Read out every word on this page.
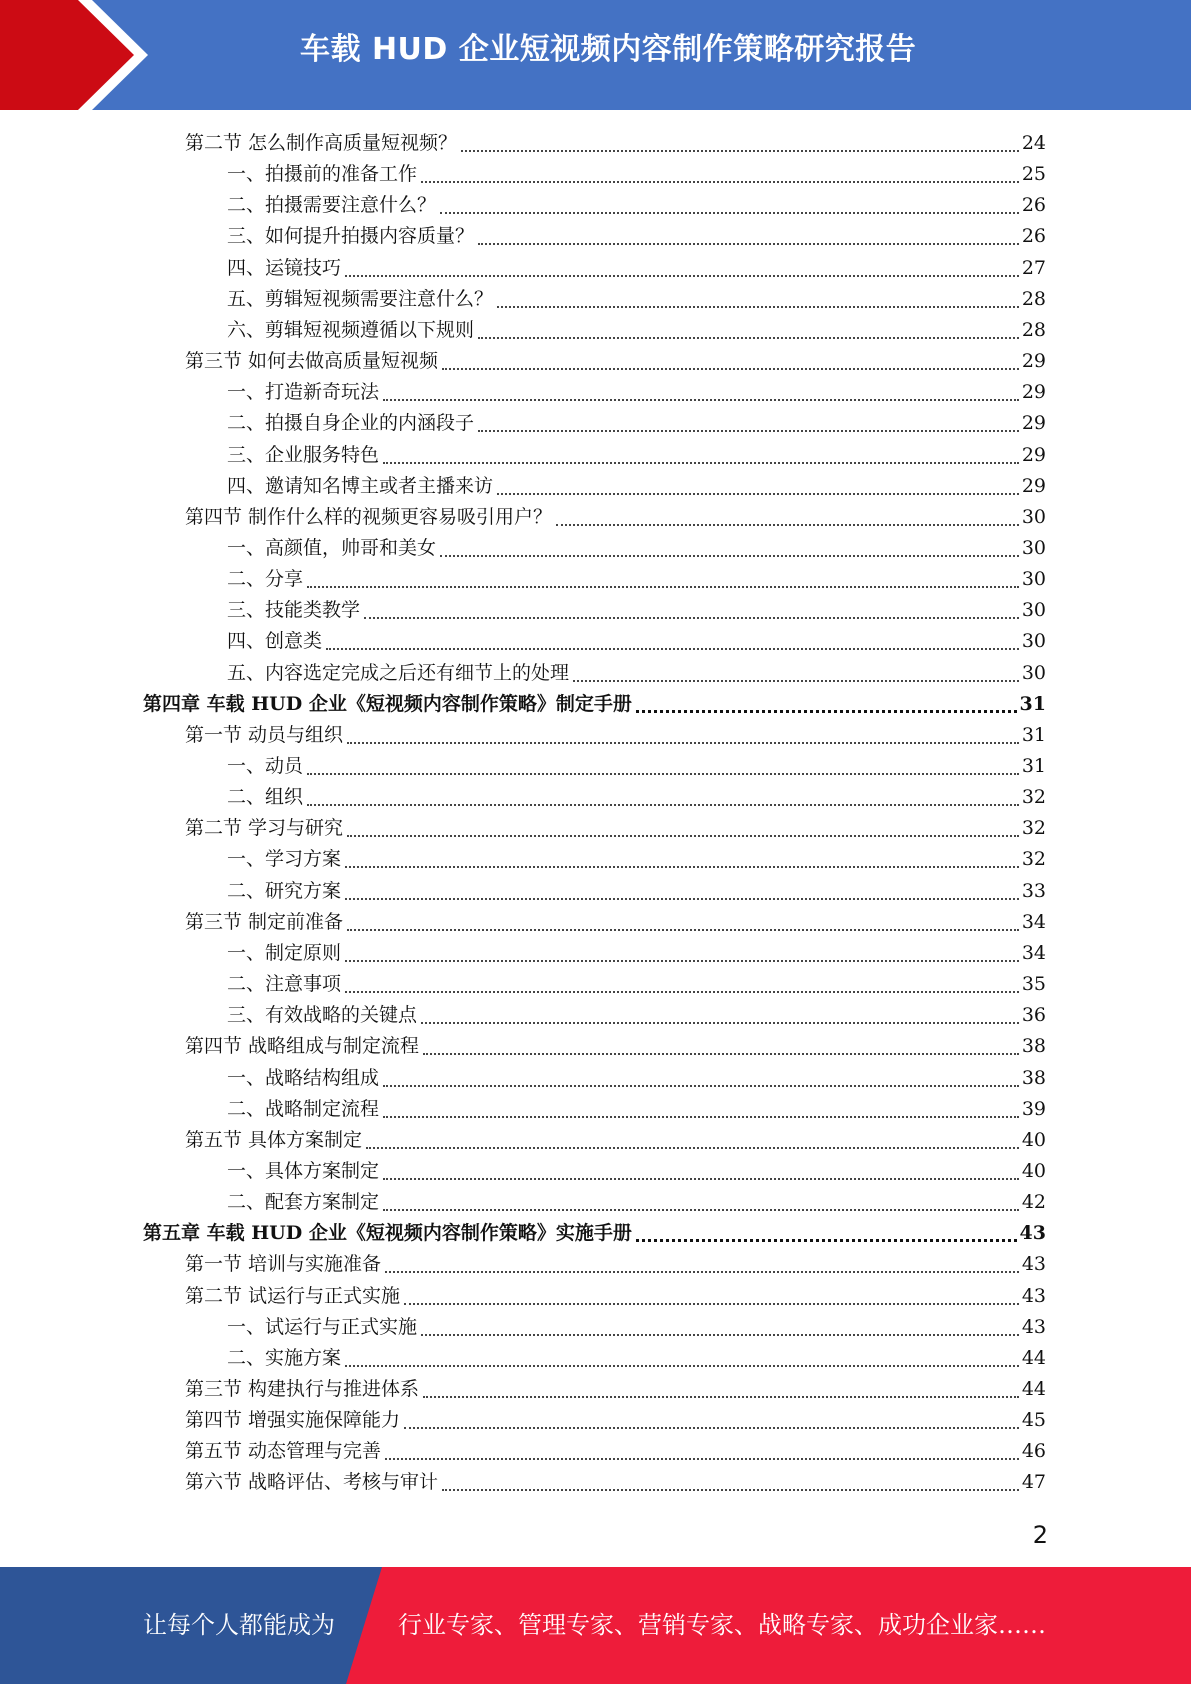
车载 HUD 企业短视频内容制作策略研究报告
第二节 怎么制作高质量短视频？	24
一、拍摄前的准备工作	25
二、拍摄需要注意什么？	26
三、如何提升拍摄内容质量？	26
四、运镜技巧	27
五、剪辑短视频需要注意什么？	28
六、剪辑短视频遵循以下规则	28
第三节 如何去做高质量短视频	29
一、打造新奇玩法	29
二、拍摄自身企业的内涵段子	29
三、企业服务特色	29
四、邀请知名博主或者主播来访	29
第四节 制作什么样的视频更容易吸引用户？	30
一、高颜值，帅哥和美女	30
二、分享	30
三、技能类教学	30
四、创意类	30
五、内容选定完成之后还有细节上的处理	30
第四章 车载 HUD 企业《短视频内容制作策略》制定手册	31
第一节 动员与组织	31
一、动员	31
二、组织	32
第二节 学习与研究	32
一、学习方案	32
二、研究方案	33
第三节 制定前准备	34
一、制定原则	34
二、注意事项	35
三、有效战略的关键点	36
第四节 战略组成与制定流程	38
一、战略结构组成	38
二、战略制定流程	39
第五节 具体方案制定	40
一、具体方案制定	40
二、配套方案制定	42
第五章 车载 HUD 企业《短视频内容制作策略》实施手册	43
第一节 培训与实施准备	43
第二节 试运行与正式实施	43
一、试运行与正式实施	43
二、实施方案	44
第三节 构建执行与推进体系	44
第四节 增强实施保障能力	45
第五节 动态管理与完善	46
第六节 战略评估、考核与审计	47
2
让每个人都能成为	行业专家、管理专家、营销专家、战略专家、成功企业家……
